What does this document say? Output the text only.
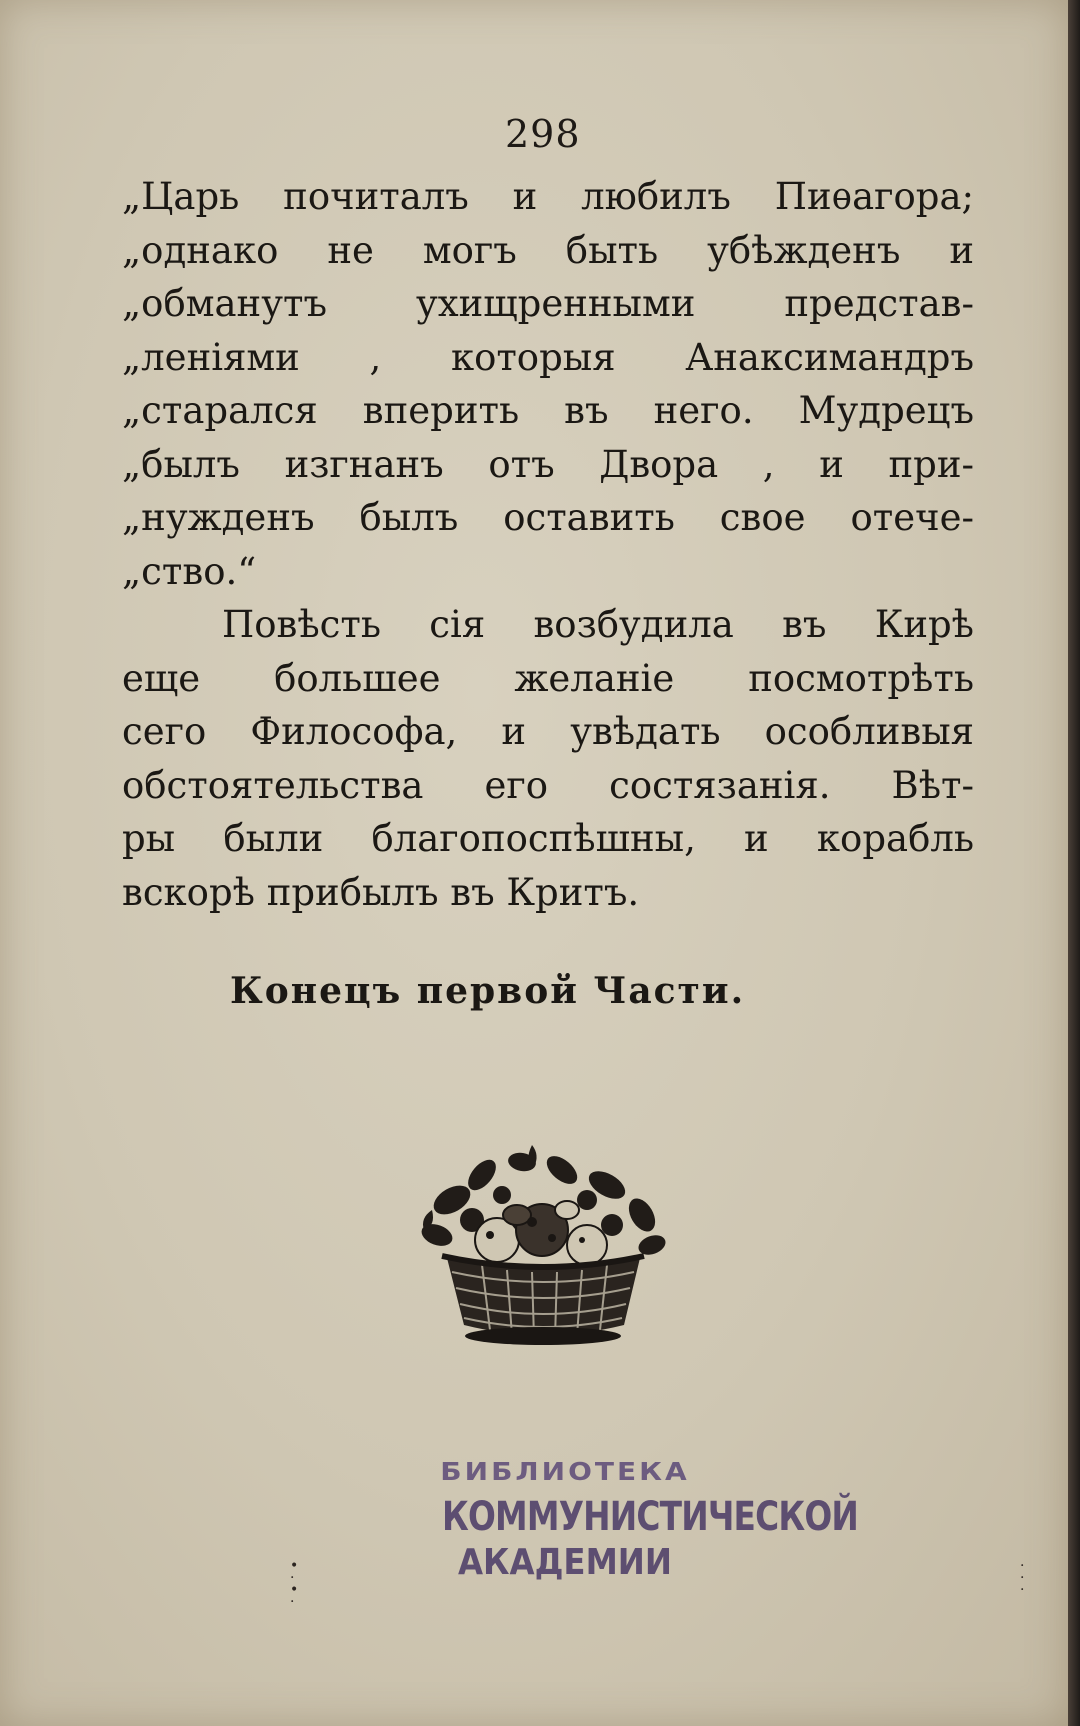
298
„Царь почиталъ и любилъ Пиѳагора;
„однако не могъ быть убѣжденъ и
„обманутъ ухищренными представ-
„леніями , которыя Анаксимандръ
„старался вперить въ него. Мудрецъ
„былъ изгнанъ отъ Двора , и при-
„нужденъ былъ оставить свое отече-
„ство.“
Повѣсть сія возбудила въ Кирѣ
еще большее желаніе посмотрѣть
сего Философа, и увѣдать особливыя
обстоятельства его состязанія. Вѣт-
ры были благопоспѣшны, и корабль
вскорѣ прибылъ въ Критъ.
Конецъ первой Части.
БИБЛИОТЕКА
КОММУНИСТИЧЕСКОЙ
АКАДЕМИИ
•
·
•
·
·
·
·
